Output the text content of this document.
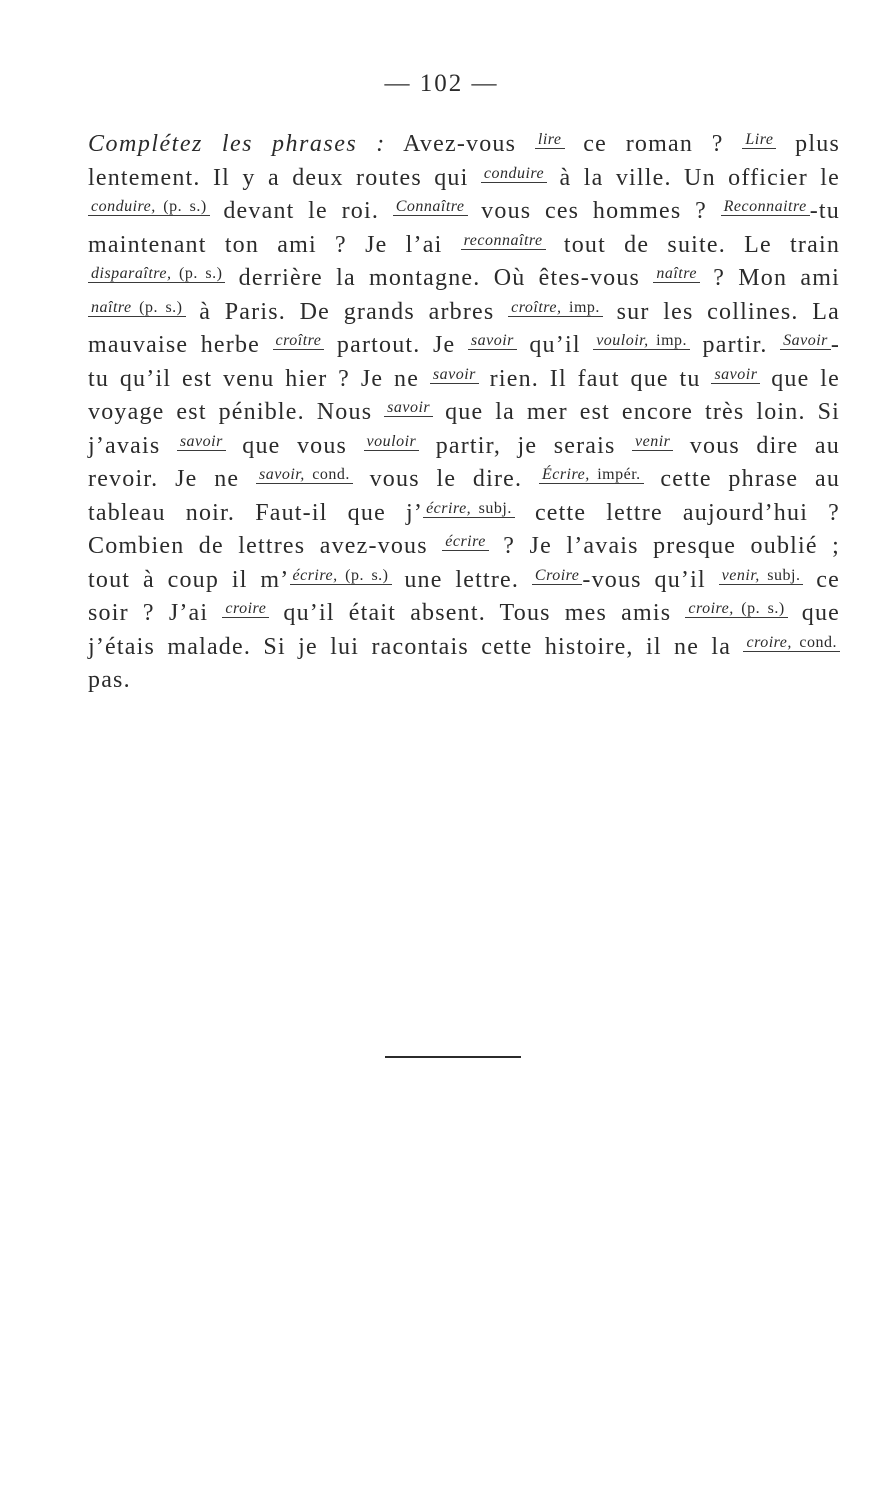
— 102 —
Complétez les phrases : Avez-vous lire ce roman ? Lire plus lentement. Il y a deux routes qui conduire à la ville. Un officier le conduire, (p. s.) devant le roi. Connaître vous ces hommes ? Reconnaitre -tu maintenant ton ami ? Je l’ai reconnaître tout de suite. Le train disparaître, (p. s.) derrière la montagne. Où êtes-vous naître ? Mon ami naître (p. s.) à Paris. De grands arbres croître, imp. sur les collines. La mauvaise herbe croître partout. Je savoir qu’il vouloir, imp. partir. Savoir -tu qu’il est venu hier ? Je ne savoir rien. Il faut que tu savoir que le voyage est pénible. Nous savoir que la mer est encore très loin. Si j’avais savoir que vous vouloir partir, je serais venir vous dire au revoir. Je ne savoir, cond. vous le dire. Écrire, impér. cette phrase au tableau noir. Faut-il que j’ écrire, subj. cette lettre aujourd’hui ? Combien de lettres avez-vous écrire ? Je l’avais presque oublié ; tout à coup il m’ écrire, (p. s.) une lettre. Croire -vous qu’il venir, subj. ce soir ? J’ai croire qu’il était absent. Tous mes amis croire, (p. s.) que j’étais malade. Si je lui racontais cette histoire, il ne la croire, cond. pas.
